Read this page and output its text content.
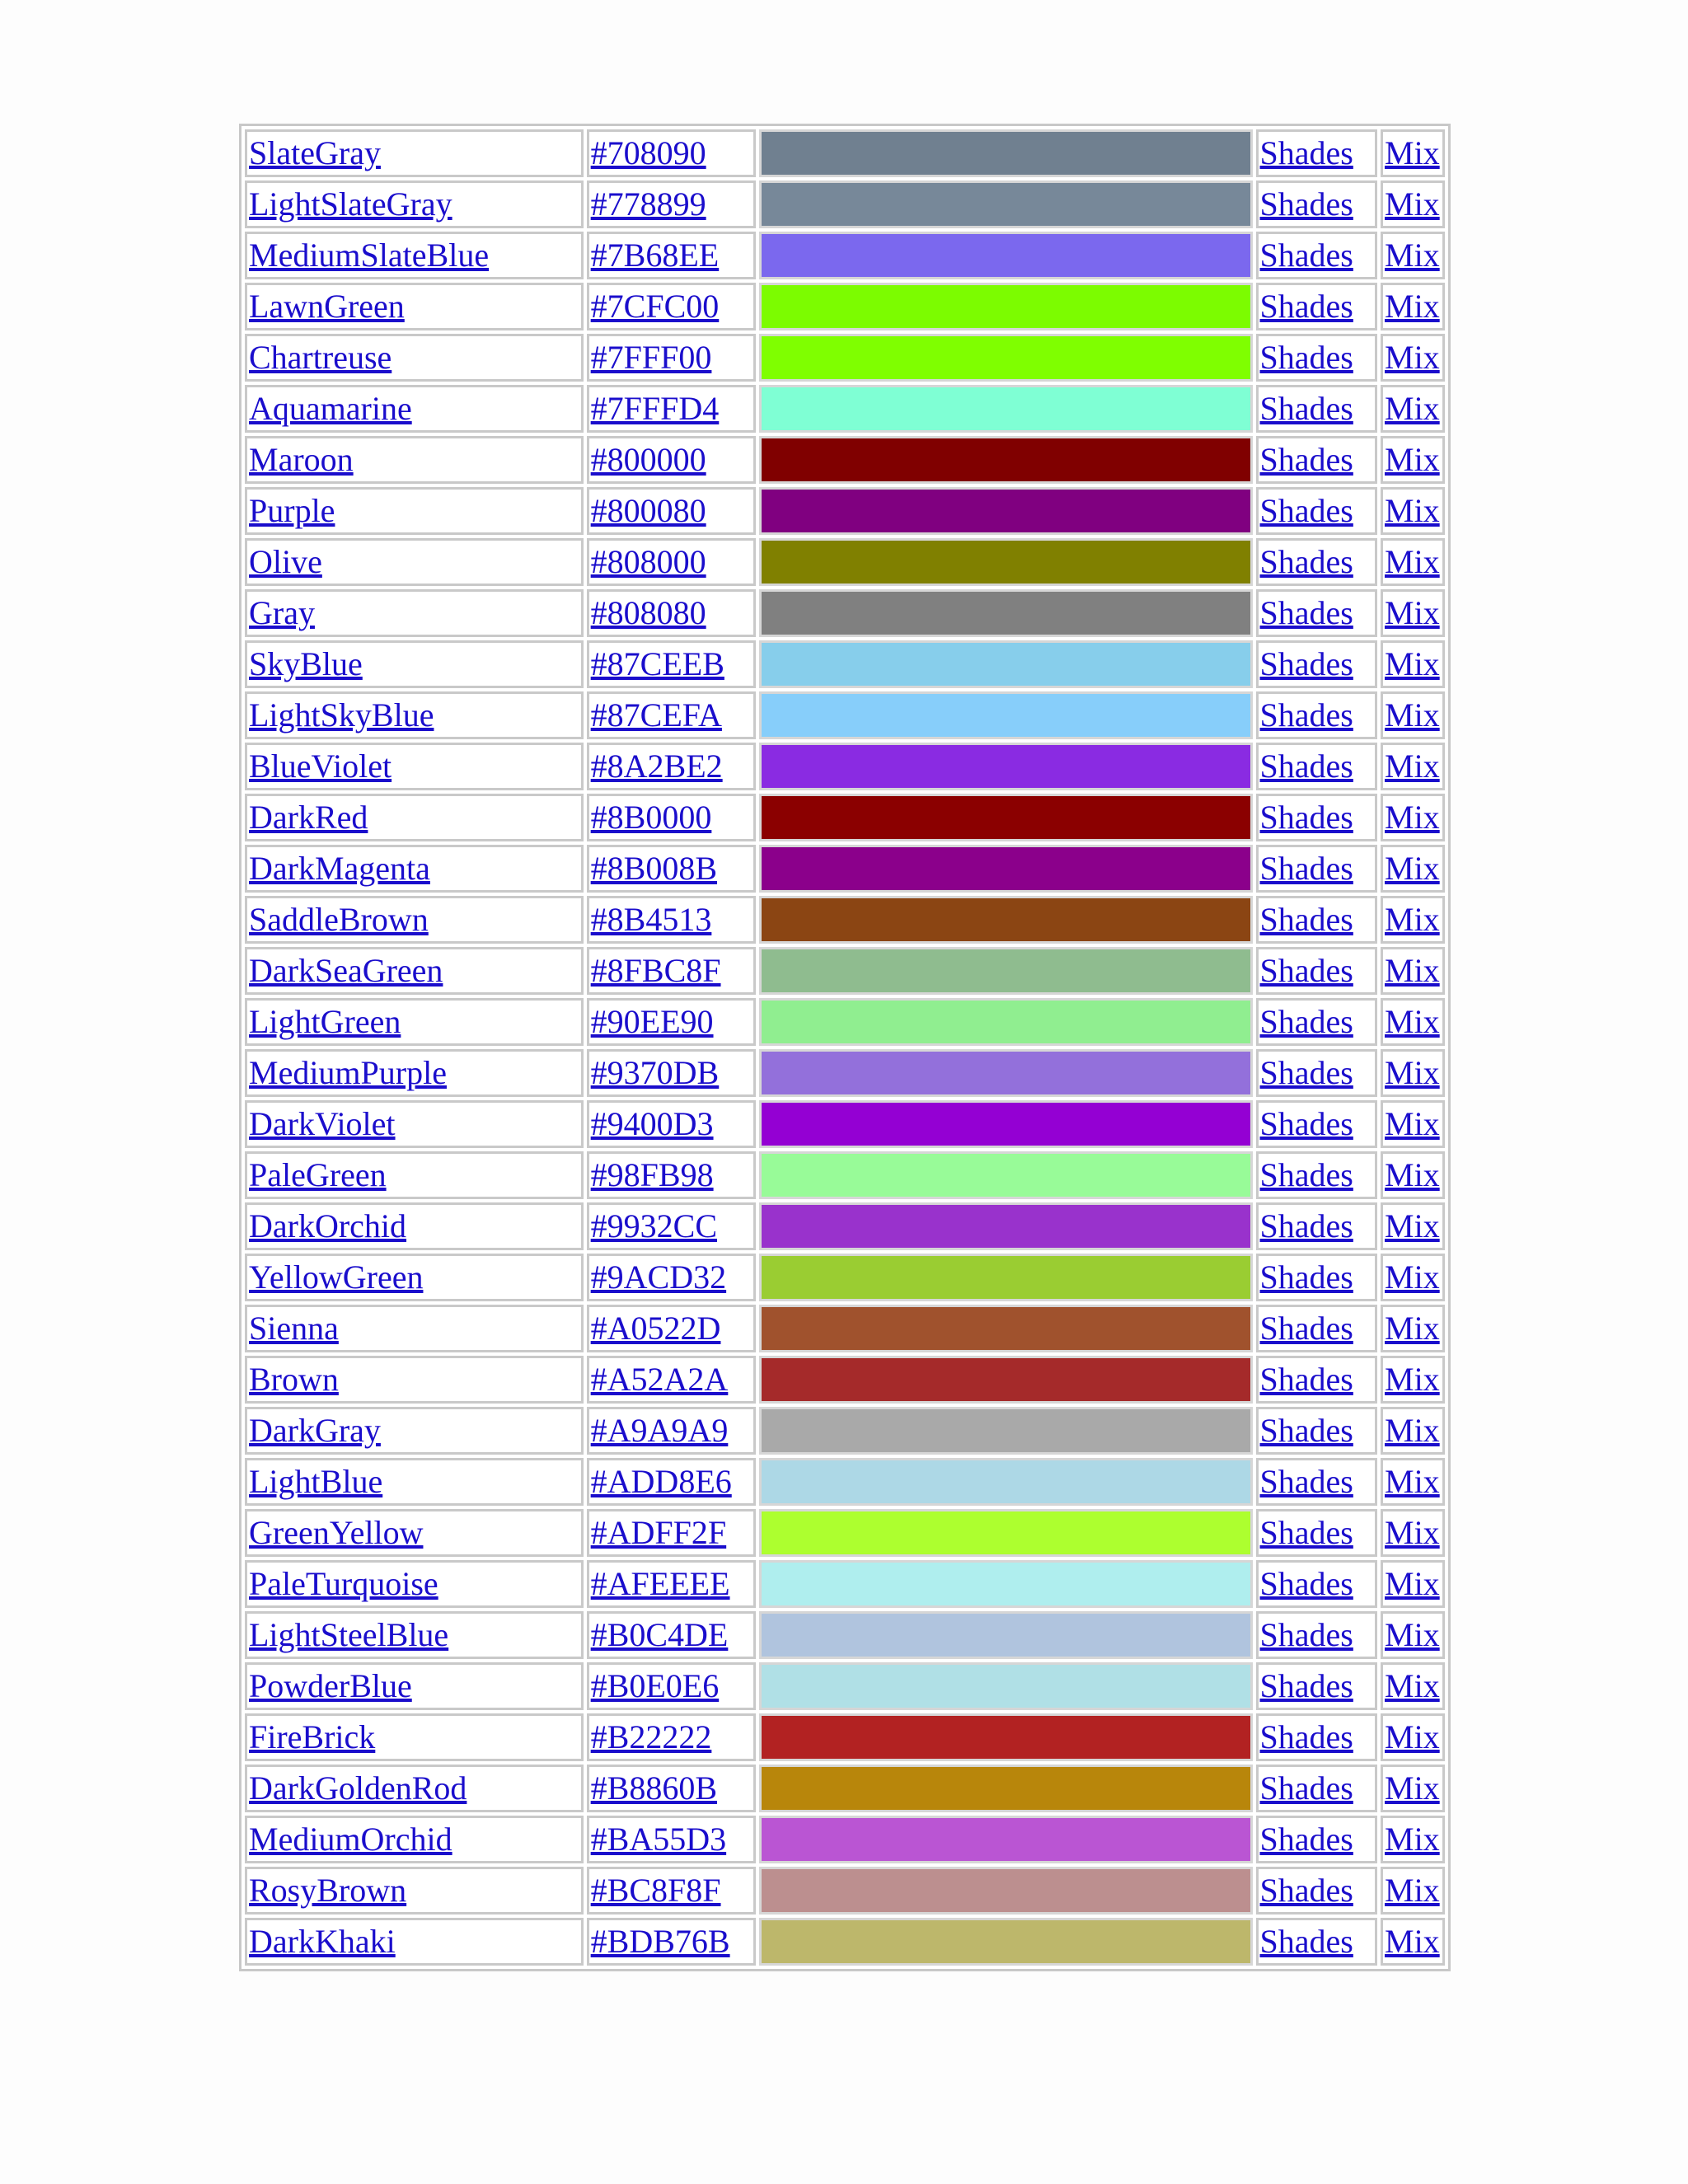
SlateGray	#708090		Shades	Mix
LightSlateGray	#778899		Shades	Mix
MediumSlateBlue	#7B68EE		Shades	Mix
LawnGreen	#7CFC00		Shades	Mix
Chartreuse	#7FFF00		Shades	Mix
Aquamarine	#7FFFD4		Shades	Mix
Maroon	#800000		Shades	Mix
Purple	#800080		Shades	Mix
Olive	#808000		Shades	Mix
Gray	#808080		Shades	Mix
SkyBlue	#87CEEB		Shades	Mix
LightSkyBlue	#87CEFA		Shades	Mix
BlueViolet	#8A2BE2		Shades	Mix
DarkRed	#8B0000		Shades	Mix
DarkMagenta	#8B008B		Shades	Mix
SaddleBrown	#8B4513		Shades	Mix
DarkSeaGreen	#8FBC8F		Shades	Mix
LightGreen	#90EE90		Shades	Mix
MediumPurple	#9370DB		Shades	Mix
DarkViolet	#9400D3		Shades	Mix
PaleGreen	#98FB98		Shades	Mix
DarkOrchid	#9932CC		Shades	Mix
YellowGreen	#9ACD32		Shades	Mix
Sienna	#A0522D		Shades	Mix
Brown	#A52A2A		Shades	Mix
DarkGray	#A9A9A9		Shades	Mix
LightBlue	#ADD8E6		Shades	Mix
GreenYellow	#ADFF2F		Shades	Mix
PaleTurquoise	#AFEEEE		Shades	Mix
LightSteelBlue	#B0C4DE		Shades	Mix
PowderBlue	#B0E0E6		Shades	Mix
FireBrick	#B22222		Shades	Mix
DarkGoldenRod	#B8860B		Shades	Mix
MediumOrchid	#BA55D3		Shades	Mix
RosyBrown	#BC8F8F		Shades	Mix
DarkKhaki	#BDB76B		Shades	Mix
